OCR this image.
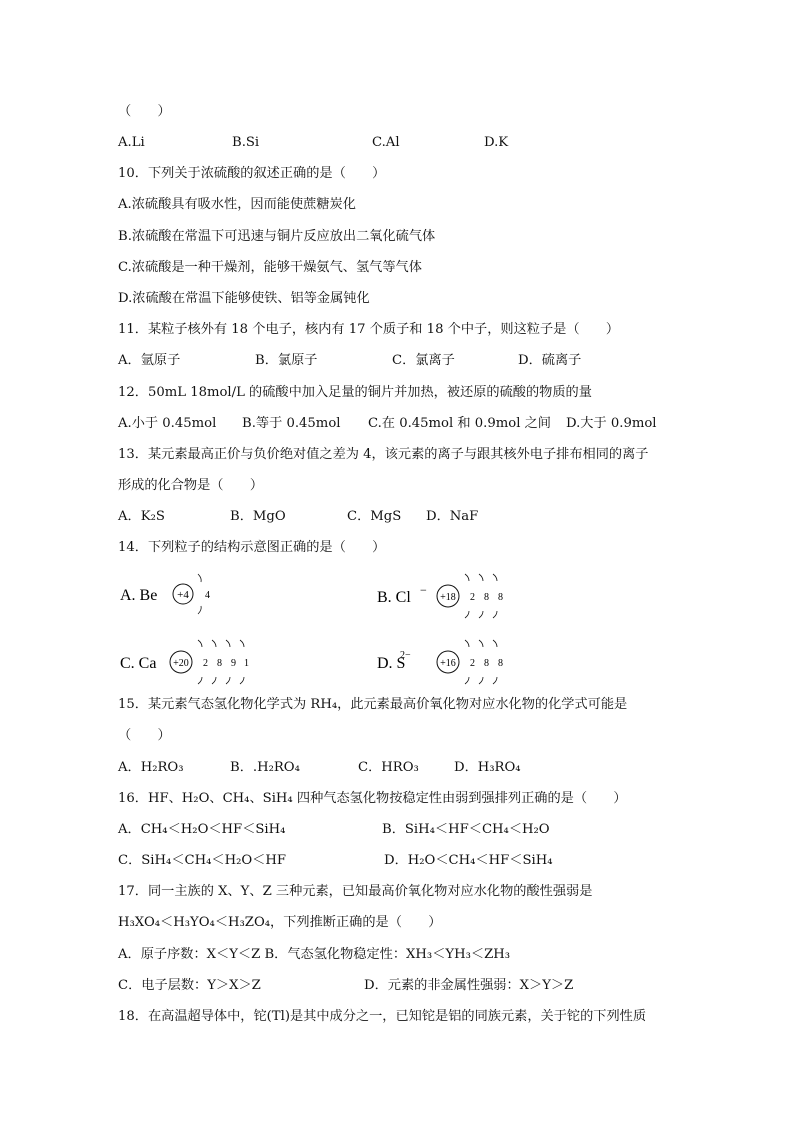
（　　）
A.Li	B.Si	C.Al	D.K
10．下列关于浓硫酸的叙述正确的是（　　）
A.浓硫酸具有吸水性，因而能使蔗糖炭化
B.浓硫酸在常温下可迅速与铜片反应放出二氧化硫气体
C.浓硫酸是一种干燥剂，能够干燥氨气、氢气等气体
D.浓硫酸在常温下能够使铁、铝等金属钝化
11．某粒子核外有 18 个电子，核内有 17 个质子和 18 个中子，则这粒子是（　　）
A．氩原子	B．氯原子	C．氯离子	D．硫离子
12．50mL 18mol/L 的硫酸中加入足量的铜片并加热，被还原的硫酸的物质的量
A.小于 0.45mol B.等于 0.45mol C.在 0.45mol 和 0.9mol 之间 D.大于 0.9mol
13．某元素最高正价与负价绝对值之差为 4，该元素的离子与跟其核外电子排布相同的离子
形成的化合物是（　　）
A．K₂S	B．MgO	C．MgS D．NaF
14．下列粒子的结构示意图正确的是（　　）
A. Be +4 4	B. Cl −
+18 2 8 8
C. Ca +20 2 8 9 1	D. S
2−
+16 2 8 8
15．某元素气态氢化物化学式为 RH₄，此元素最高价氧化物对应水化物的化学式可能是
（　　）
A．H₂RO₃	B．.H₂RO₄	C．HRO₃	D．H₃RO₄
16．HF、H₂O、CH₄、SiH₄ 四种气态氢化物按稳定性由弱到强排列正确的是（　　）
A．CH₄＜H₂O＜HF＜SiH₄	B．SiH₄＜HF＜CH₄＜H₂O
C．SiH₄＜CH₄＜H₂O＜HF	D．H₂O＜CH₄＜HF＜SiH₄
17．同一主族的 X、Y、Z 三种元素，已知最高价氧化物对应水化物的酸性强弱是
H₃XO₄＜H₃YO₄＜H₃ZO₄，下列推断正确的是（　　）
A．原子序数：X＜Y＜Z B．气态氢化物稳定性：XH₃＜YH₃＜ZH₃
C．电子层数：Y＞X＞Z	D．元素的非金属性强弱：X＞Y＞Z
18．在高温超导体中，铊(Tl)是其中成分之一，已知铊是铝的同族元素，关于铊的下列性质
